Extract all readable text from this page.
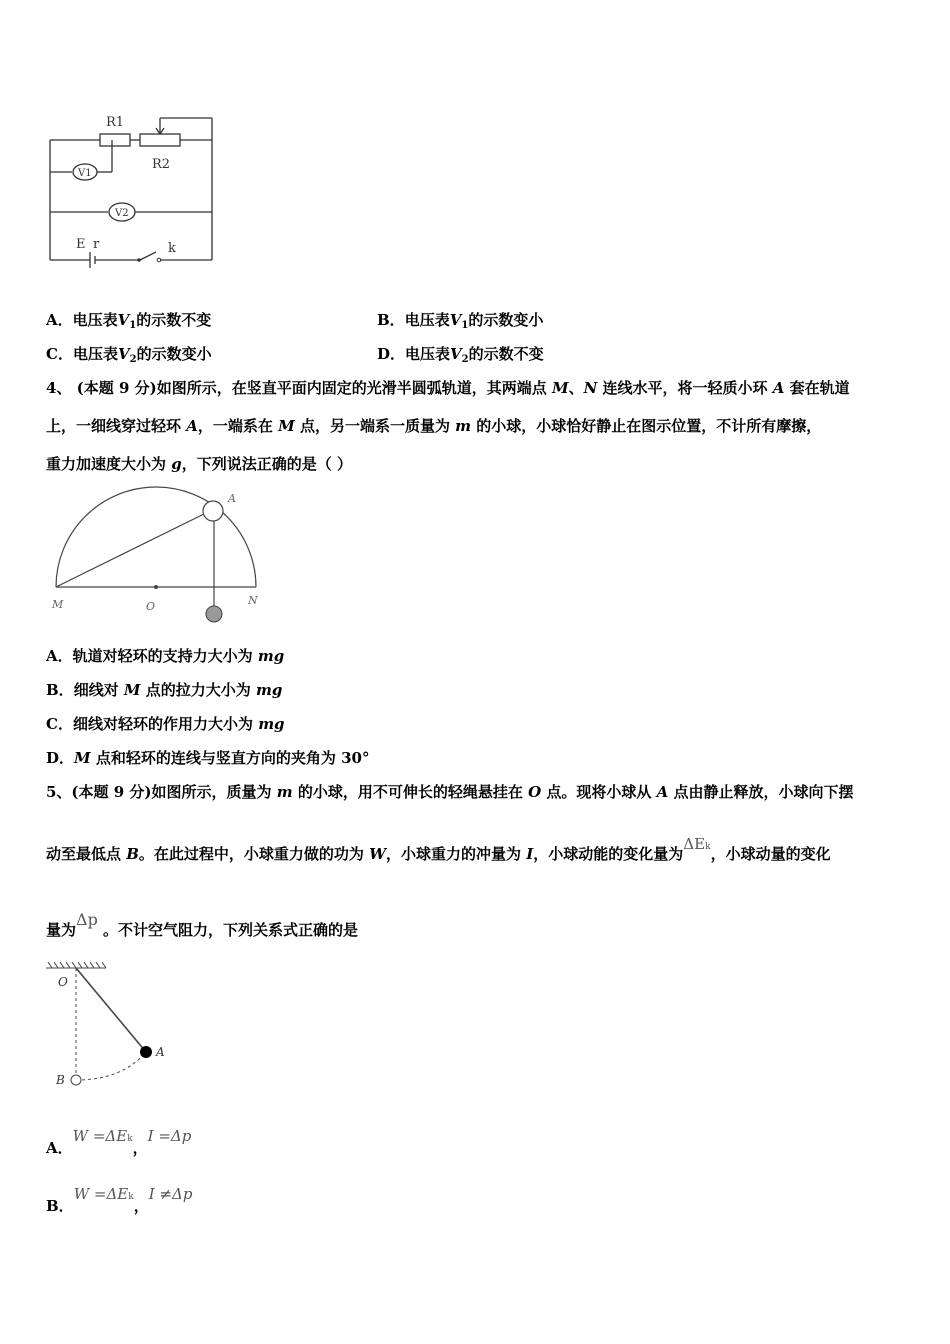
R1
R2
V1
V2
E r	k
A．电压表$V_1$的示数不变	B．电压表$V_1$的示数变小
C．电压表$V_2$的示数变小	D．电压表$V_2$的示数不变
4、 (本题 9 分)如图所示，在竖直平面内固定的光滑半圆弧轨道，其两端点 M、N 连线水平，将一轻质小环 A 套在轨道
上，一细线穿过轻环 A，一端系在 M 点，另一端系一质量为 m 的小球，小球恰好静止在图示位置，不计所有摩擦，
重力加速度大小为 g，下列说法正确的是（ ）
A
M	O	N
A．轨道对轻环的支持力大小为 mg
B．细线对 M 点的拉力大小为 mg
C．细线对轻环的作用力大小为 mg
D．M 点和轻环的连线与竖直方向的夹角为 30°
5、(本题 9 分)如图所示，质量为 m 的小球，用不可伸长的轻绳悬挂在 O 点。现将小球从 A 点由静止释放，小球向下摆
动至最低点 B。在此过程中，小球重力做的功为 W，小球重力的冲量为 I，小球动能的变化量为ΔEk，小球动量的变化
量为Δp 。不计空气阻力，下列关系式正确的是
O
A
B
A．W =ΔEk，I =Δp
B．W =ΔEk，I ≠Δp
